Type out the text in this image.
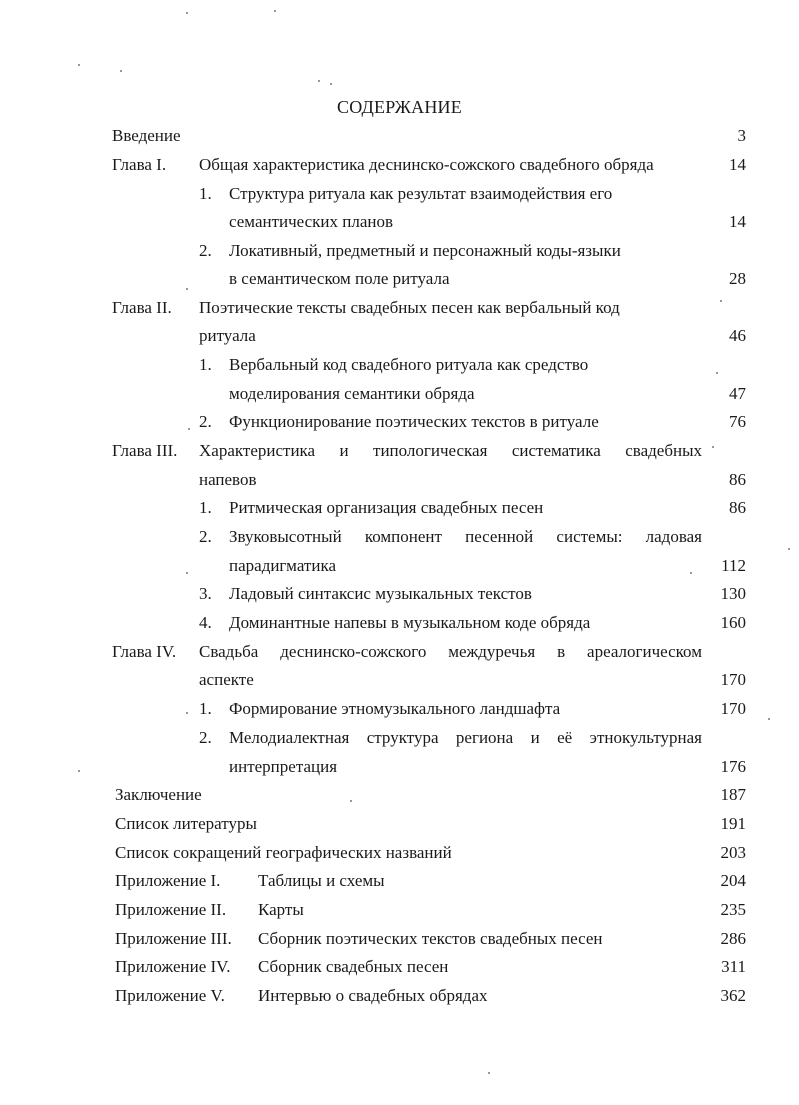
СОДЕРЖАНИЕ
Введение	3
Глава I. Общая характеристика деснинско-сожского свадебного обряда	14
1. Структура ритуала как результат взаимодействия его
семантических планов	14
2. Локативный, предметный и персонажный коды-языки
в семантическом поле ритуала	28
Глава II. Поэтические тексты свадебных песен как вербальный код
ритуала	46
1. Вербальный код свадебного ритуала как средство
моделирования семантики обряда	47
2. Функционирование поэтических текстов в ритуале	76
Глава III. Характеристика и типологическая систематика свадебных
напевов	86
1. Ритмическая организация свадебных песен	86
2. Звуковысотный компонент песенной системы: ладовая
парадигматика	112
3. Ладовый синтаксис музыкальных текстов	130
4. Доминантные напевы в музыкальном коде обряда	160
Глава IV. Свадьба деснинско-сожского междуречья в ареалогическом
аспекте	170
1. Формирование этномузыкального ландшафта	170
2. Мелодиалектная структура региона и её этнокультурная
интерпретация	176
Заключение	187
Список литературы	191
Список сокращений географических названий	203
Приложение I. Таблицы и схемы	204
Приложение II. Карты	235
Приложение III. Сборник поэтических текстов свадебных песен	286
Приложение IV. Сборник свадебных песен	311
Приложение V. Интервью о свадебных обрядах	362
